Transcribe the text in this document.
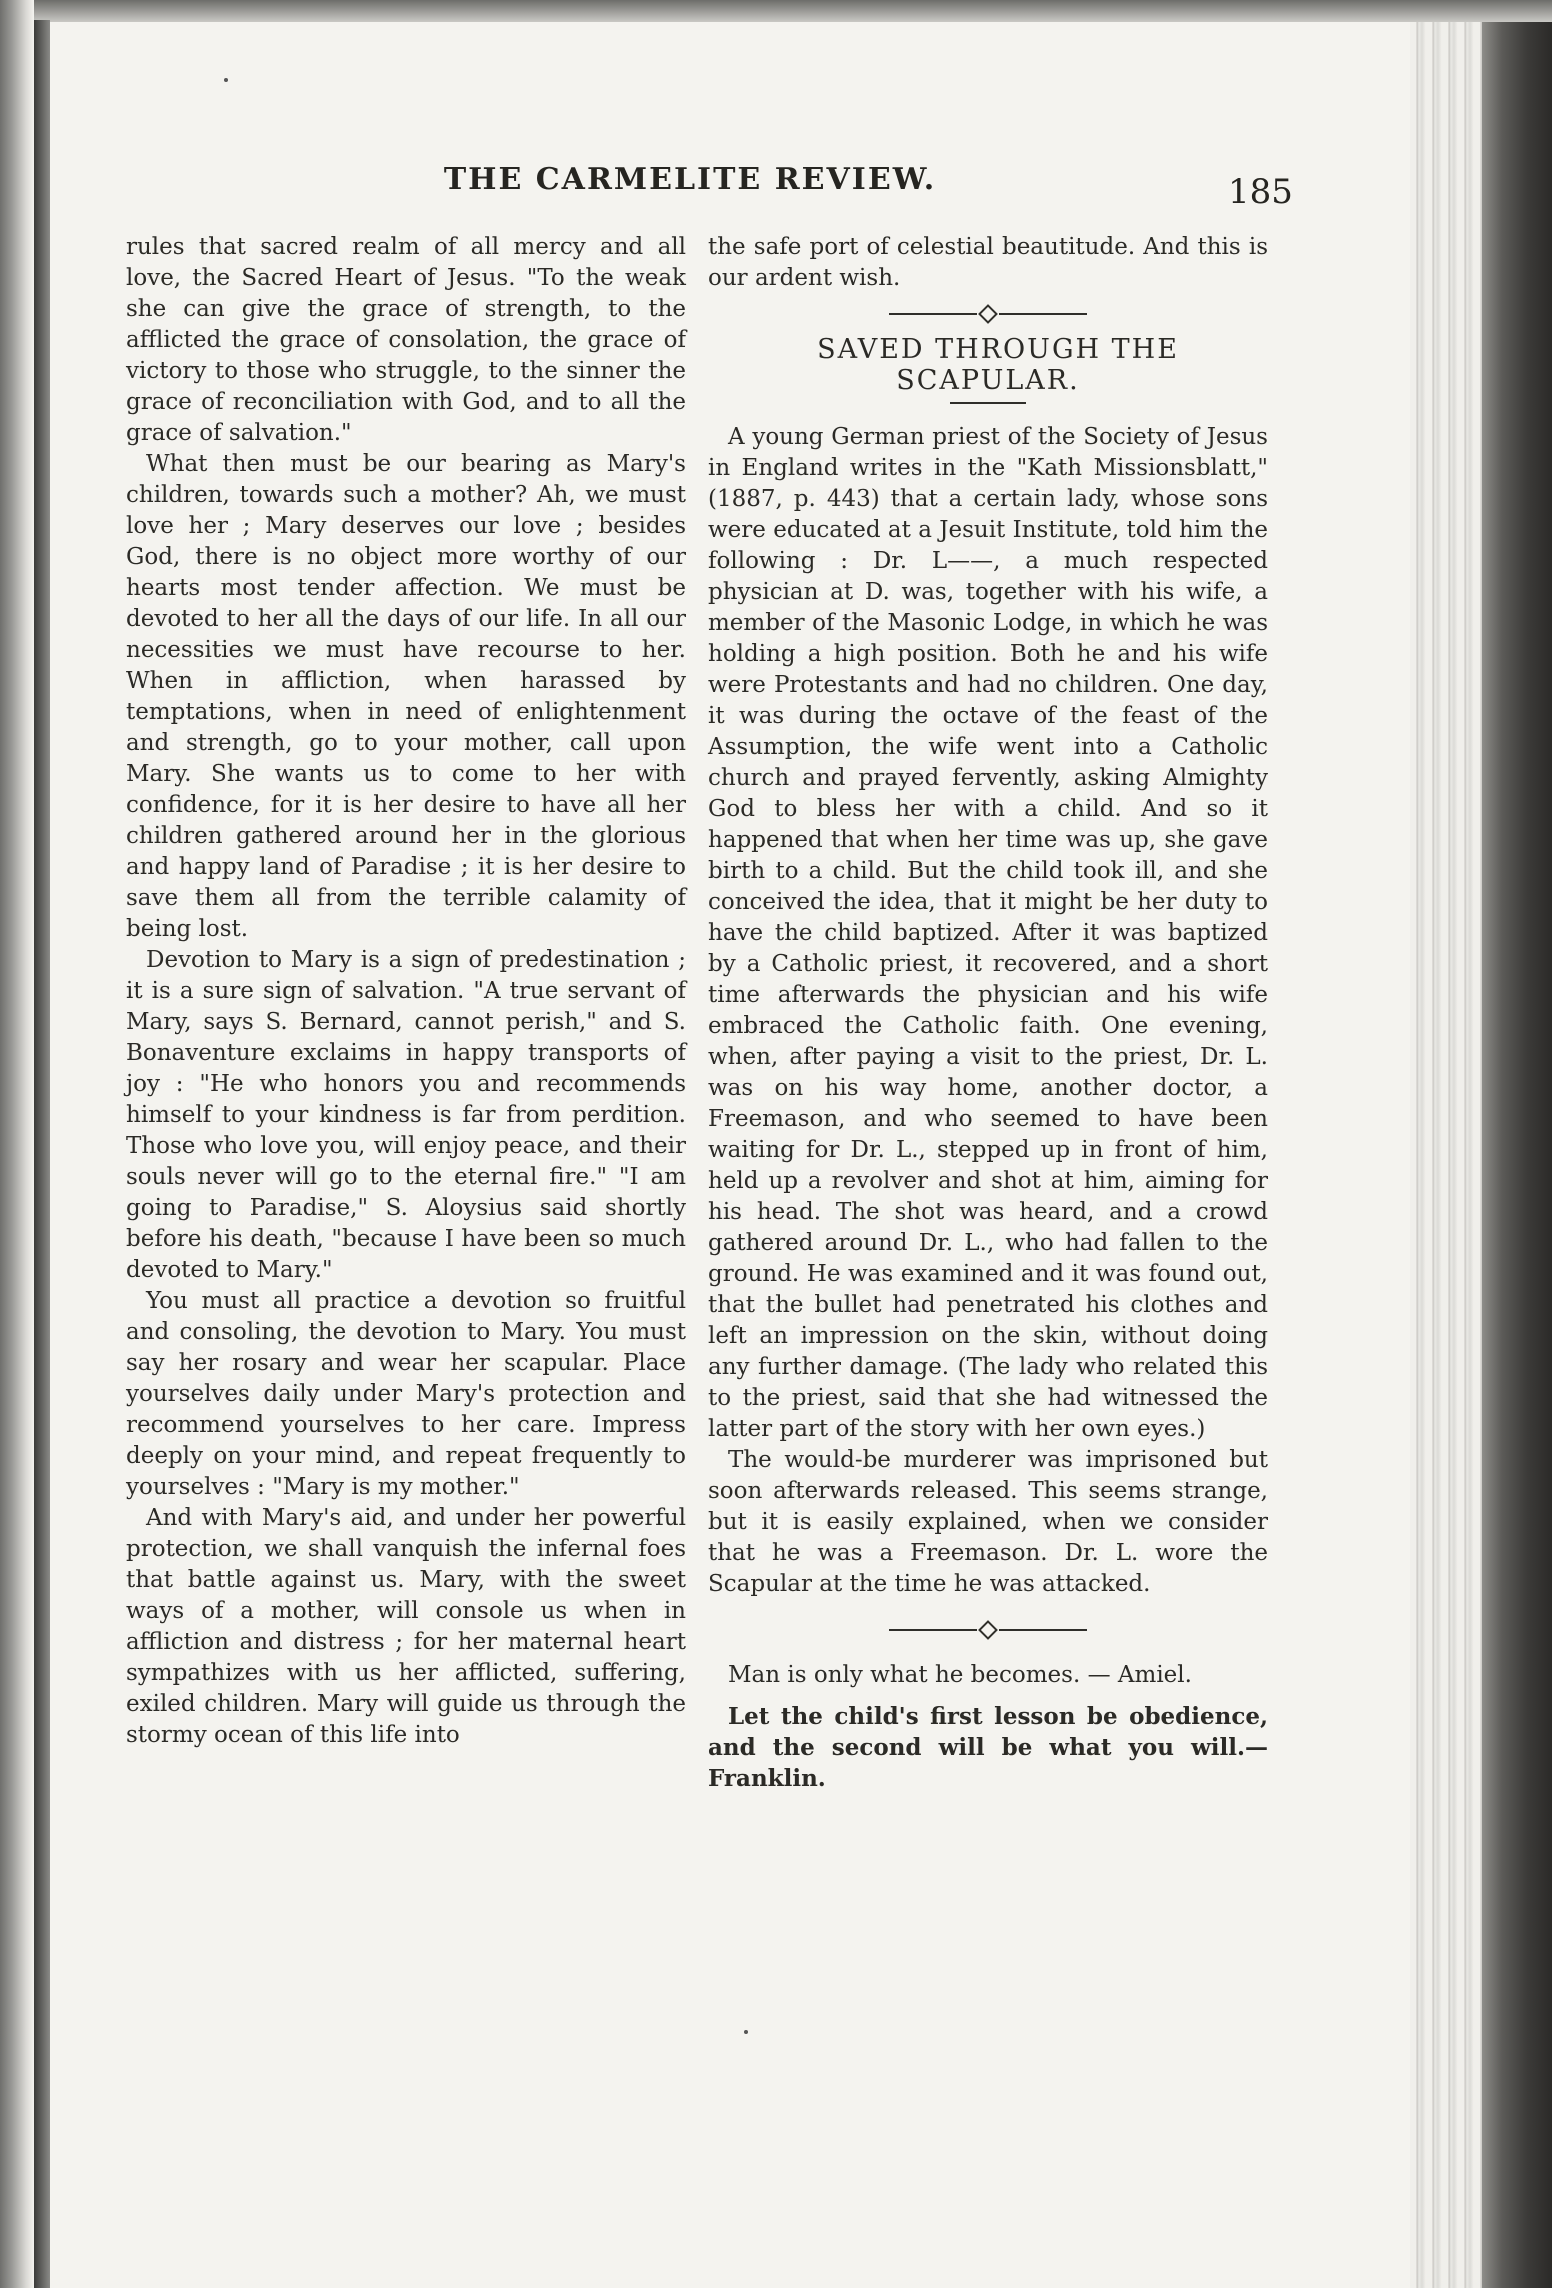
THE CARMELITE REVIEW.	185

rules that sacred realm of all mercy and all love, the Sacred Heart of Jesus. "To the weak she can give the grace of strength, to the afflicted the grace of consolation, the grace of victory to those who struggle, to the sinner the grace of reconciliation with God, and to all the grace of salvation."

What then must be our bearing as Mary's children, towards such a mother? Ah, we must love her ; Mary deserves our love ; besides God, there is no object more worthy of our hearts most tender affection. We must be devoted to her all the days of our life. In all our necessities we must have recourse to her. When in affliction, when harassed by temptations, when in need of enlightenment and strength, go to your mother, call upon Mary. She wants us to come to her with confidence, for it is her desire to have all her children gathered around her in the glorious and happy land of Paradise ; it is her desire to save them all from the terrible calamity of being lost.

Devotion to Mary is a sign of predestination ; it is a sure sign of salvation. "A true servant of Mary, says S. Bernard, cannot perish," and S. Bonaventure exclaims in happy transports of joy : "He who honors you and recommends himself to your kindness is far from perdition. Those who love you, will enjoy peace, and their souls never will go to the eternal fire." "I am going to Paradise," S. Aloysius said shortly before his death, "because I have been so much devoted to Mary."

You must all practice a devotion so fruitful and consoling, the devotion to Mary. You must say her rosary and wear her scapular. Place yourselves daily under Mary's protection and recommend yourselves to her care. Impress deeply on your mind, and repeat frequently to yourselves : "Mary is my mother."

And with Mary's aid, and under her powerful protection, we shall vanquish the infernal foes that battle against us. Mary, with the sweet ways of a mother, will console us when in affliction and distress ; for her maternal heart sympathizes with us her afflicted, suffering, exiled children. Mary will guide us through the stormy ocean of this life into

the safe port of celestial beautitude. And this is our ardent wish.

SAVED THROUGH THE SCAPULAR.

A young German priest of the Society of Jesus in England writes in the "Kath Missionsblatt," (1887, p. 443) that a certain lady, whose sons were educated at a Jesuit Institute, told him the following : Dr. L——, a much respected physician at D. was, together with his wife, a member of the Masonic Lodge, in which he was holding a high position. Both he and his wife were Protestants and had no children. One day, it was during the octave of the feast of the Assumption, the wife went into a Catholic church and prayed fervently, asking Almighty God to bless her with a child. And so it happened that when her time was up, she gave birth to a child. But the child took ill, and she conceived the idea, that it might be her duty to have the child baptized. After it was baptized by a Catholic priest, it recovered, and a short time afterwards the physician and his wife embraced the Catholic faith. One evening, when, after paying a visit to the priest, Dr. L. was on his way home, another doctor, a Freemason, and who seemed to have been waiting for Dr. L., stepped up in front of him, held up a revolver and shot at him, aiming for his head. The shot was heard, and a crowd gathered around Dr. L., who had fallen to the ground. He was examined and it was found out, that the bullet had penetrated his clothes and left an impression on the skin, without doing any further damage. (The lady who related this to the priest, said that she had witnessed the latter part of the story with her own eyes.)

The would-be murderer was imprisoned but soon afterwards released. This seems strange, but it is easily explained, when we consider that he was a Freemason. Dr. L. wore the Scapular at the time he was attacked.

Man is only what he becomes. — Amiel.

Let the child's first lesson be obedience, and the second will be what you will.—Franklin.
